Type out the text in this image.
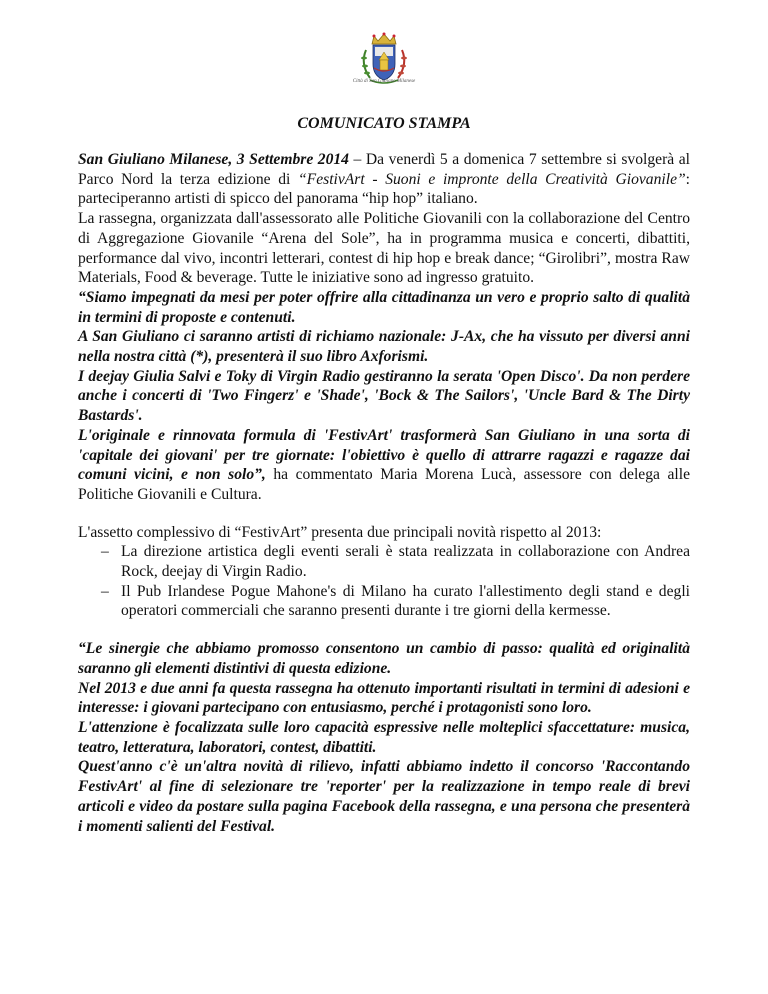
Città di San Giuliano Milanese
COMUNICATO STAMPA

San Giuliano Milanese, 3 Settembre 2014 – Da venerdì 5 a domenica 7 settembre si svolgerà al Parco Nord la terza edizione di “FestivArt - Suoni e impronte della Creatività Giovanile”: parteciperanno artisti di spicco del panorama “hip hop” italiano.

La rassegna, organizzata dall'assessorato alle Politiche Giovanili con la collaborazione del Centro di Aggregazione Giovanile “Arena del Sole”, ha in programma musica e concerti, dibattiti, performance dal vivo, incontri letterari, contest di hip hop e break dance; “Girolibri”, mostra Raw Materials, Food & beverage. Tutte le iniziative sono ad ingresso gratuito.

“Siamo impegnati da mesi per poter offrire alla cittadinanza un vero e proprio salto di qualità in termini di proposte e contenuti.

A San Giuliano ci saranno artisti di richiamo nazionale: J-Ax, che ha vissuto per diversi anni nella nostra città (*), presenterà il suo libro Axforismi.

I deejay Giulia Salvi e Toky di Virgin Radio gestiranno la serata 'Open Disco'. Da non perdere anche i concerti di 'Two Fingerz' e 'Shade', 'Bock & The Sailors', 'Uncle Bard & The Dirty Bastards'.

L'originale e rinnovata formula di 'FestivArt' trasformerà San Giuliano in una sorta di 'capitale dei giovani' per tre giornate: l'obiettivo è quello di attrarre ragazzi e ragazze dai comuni vicini, e non solo”, ha commentato Maria Morena Lucà, assessore con delega alle Politiche Giovanili e Cultura.

L'assetto complessivo di “FestivArt” presenta due principali novità rispetto al 2013:

– La direzione artistica degli eventi serali è stata realizzata in collaborazione con Andrea Rock, deejay di Virgin Radio.
– Il Pub Irlandese Pogue Mahone's di Milano ha curato l'allestimento degli stand e degli operatori commerciali che saranno presenti durante i tre giorni della kermesse.

“Le sinergie che abbiamo promosso consentono un cambio di passo: qualità ed originalità saranno gli elementi distintivi di questa edizione.

Nel 2013 e due anni fa questa rassegna ha ottenuto importanti risultati in termini di adesioni e interesse: i giovani partecipano con entusiasmo, perché i protagonisti sono loro.

L'attenzione è focalizzata sulle loro capacità espressive nelle molteplici sfaccettature: musica, teatro, letteratura, laboratori, contest, dibattiti.

Quest'anno c'è un'altra novità di rilievo, infatti abbiamo indetto il concorso 'Raccontando FestivArt' al fine di selezionare tre 'reporter' per la realizzazione in tempo reale di brevi articoli e video da postare sulla pagina Facebook della rassegna, e una persona che presenterà i momenti salienti del Festival.
